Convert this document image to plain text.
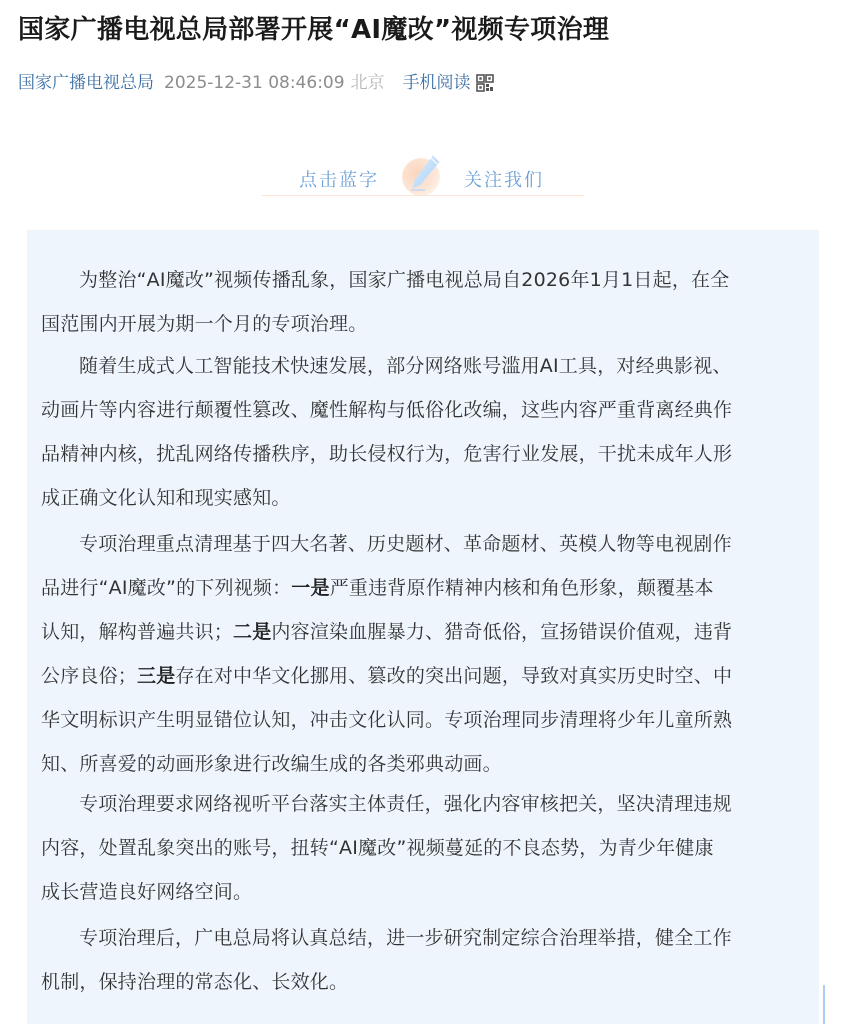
国家广播电视总局部署开展“AI魔改”视频专项治理
国家广播电视总局 2025-12-31 08:46:09 北京 手机阅读
点击蓝字	关注我们

为整治“AI魔改”视频传播乱象，国家广播电视总局自2026年1月1日起，在全
国范围内开展为期一个月的专项治理。

随着生成式人工智能技术快速发展，部分网络账号滥用AI工具，对经典影视、
动画片等内容进行颠覆性篡改、魔性解构与低俗化改编，这些内容严重背离经典作
品精神内核，扰乱网络传播秩序，助长侵权行为，危害行业发展，干扰未成年人形
成正确文化认知和现实感知。

专项治理重点清理基于四大名著、历史题材、革命题材、英模人物等电视剧作
品进行“AI魔改”的下列视频：一是严重违背原作精神内核和角色形象，颠覆基本
认知，解构普遍共识；二是内容渲染血腥暴力、猎奇低俗，宣扬错误价值观，违背
公序良俗；三是存在对中华文化挪用、篡改的突出问题，导致对真实历史时空、中
华文明标识产生明显错位认知，冲击文化认同。专项治理同步清理将少年儿童所熟
知、所喜爱的动画形象进行改编生成的各类邪典动画。

专项治理要求网络视听平台落实主体责任，强化内容审核把关，坚决清理违规
内容，处置乱象突出的账号，扭转“AI魔改”视频蔓延的不良态势，为青少年健康
成长营造良好网络空间。

专项治理后，广电总局将认真总结，进一步研究制定综合治理举措，健全工作
机制，保持治理的常态化、长效化。
